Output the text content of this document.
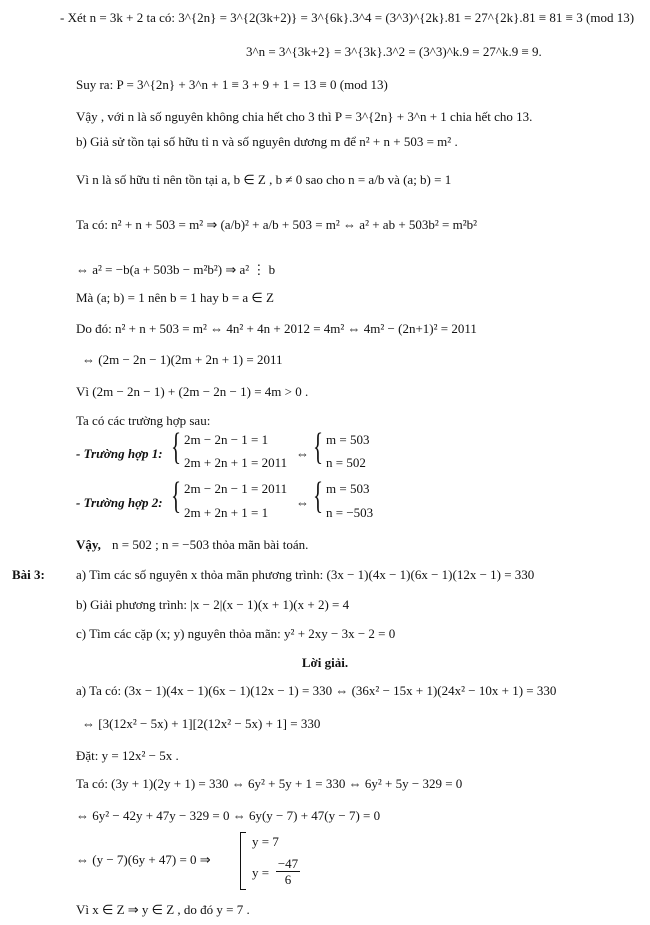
- Xét n = 3k + 2 ta có: 3^{2n} = 3^{2(3k+2)} = 3^{6k}.3^4 = (3^3)^{2k}.81 = 27^{2k}.81 ≡ 81 ≡ 3 (mod 13)
3^n = 3^{3k+2} = 3^{3k}.3^2 = (3^3)^k.9 = 27^k.9 ≡ 9.
Suy ra: P = 3^{2n} + 3^n + 1 ≡ 3 + 9 + 1 = 13 ≡ 0 (mod 13)
Vậy , với n là số nguyên không chia hết cho 3 thì P = 3^{2n} + 3^n + 1 chia hết cho 13.
b) Giả sử tồn tại số hữu tỉ n và số nguyên dương m để n² + n + 503 = m² .
Vì n là số hữu tỉ nên tồn tại a, b ∈ Z , b ≠ 0 sao cho n = a/b và (a; b) = 1
Ta có: n² + n + 503 = m² ⇒ (a/b)² + a/b + 503 = m² ⇔ a² + ab + 503b² = m²b²
⇔ a² = −b(a + 503b − m²b²) ⇒ a² ⋮ b
Mà (a; b) = 1 nên b = 1 hay b = a ∈ Z
Do đó: n² + n + 503 = m² ⇔ 4n² + 4n + 2012 = 4m² ⇔ 4m² − (2n+1)² = 2011
⇔ (2m − 2n − 1)(2m + 2n + 1) = 2011
Vì (2m − 2n − 1) + (2m − 2n − 1) = 4m > 0 .
Ta có các trường hợp sau:
- Trường hợp 1: { 2m − 2n − 1 = 1
2m + 2n + 1 = 2011
⇔ { m = 503
n = 502
- Trường hợp 2: { 2m − 2n − 1 = 2011
2m + 2n + 1 = 1
⇔ { m = 503
n = −503
Vậy, n = 502 ; n = −503 thỏa mãn bài toán.
Bài 3: a) Tìm các số nguyên x thỏa mãn phương trình: (3x − 1)(4x − 1)(6x − 1)(12x − 1) = 330
b) Giải phương trình: |x − 2|(x − 1)(x + 1)(x + 2) = 4
c) Tìm các cặp (x; y) nguyên thỏa mãn: y² + 2xy − 3x − 2 = 0
Lời giải.
a) Ta có: (3x − 1)(4x − 1)(6x − 1)(12x − 1) = 330 ⇔ (36x² − 15x + 1)(24x² − 10x + 1) = 330
⇔ [3(12x² − 5x) + 1][2(12x² − 5x) + 1] = 330
Đặt: y = 12x² − 5x .
Ta có: (3y + 1)(2y + 1) = 330 ⇔ 6y² + 5y + 1 = 330 ⇔ 6y² + 5y − 329 = 0
⇔ 6y² − 42y + 47y − 329 = 0 ⇔ 6y(y − 7) + 47(y − 7) = 0
⇔ (y − 7)(6y + 47) = 0 ⇒
y = 7
y =
−47
6
Vì x ∈ Z ⇒ y ∈ Z , do đó y = 7 .
